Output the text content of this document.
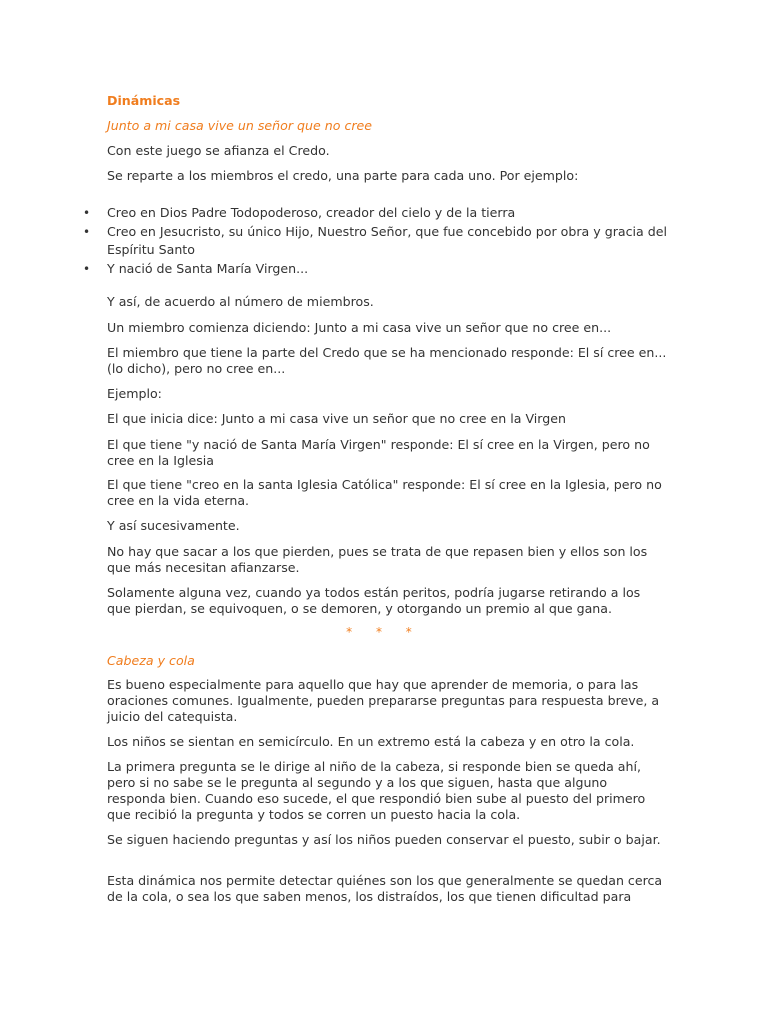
Dinámicas

Junto a mi casa vive un señor que no cree

Con este juego se afianza el Credo.

Se reparte a los miembros el credo, una parte para cada uno. Por ejemplo:

• Creo en Dios Padre Todopoderoso, creador del cielo y de la tierra
• Creo en Jesucristo, su único Hijo, Nuestro Señor, que fue concebido por obra y gracia del Espíritu Santo
• Y nació de Santa María Virgen...

Y así, de acuerdo al número de miembros.

Un miembro comienza diciendo: Junto a mi casa vive un señor que no cree en...

El miembro que tiene la parte del Credo que se ha mencionado responde: El sí cree en... (lo dicho), pero no cree en...

Ejemplo:

El que inicia dice: Junto a mi casa vive un señor que no cree en la Virgen

El que tiene "y nació de Santa María Virgen" responde: El sí cree en la Virgen, pero no cree en la Iglesia

El que tiene "creo en la santa Iglesia Católica" responde: El sí cree en la Iglesia, pero no cree en la vida eterna.

Y así sucesivamente.

No hay que sacar a los que pierden, pues se trata de que repasen bien y ellos son los que más necesitan afianzarse.

Solamente alguna vez, cuando ya todos están peritos, podría jugarse retirando a los que pierdan, se equivoquen, o se demoren, y otorgando un premio al que gana.

* * *

Cabeza y cola

Es bueno especialmente para aquello que hay que aprender de memoria, o para las oraciones comunes. Igualmente, pueden prepararse preguntas para respuesta breve, a juicio del catequista.

Los niños se sientan en semicírculo. En un extremo está la cabeza y en otro la cola.

La primera pregunta se le dirige al niño de la cabeza, si responde bien se queda ahí, pero si no sabe se le pregunta al segundo y a los que siguen, hasta que alguno responda bien. Cuando eso sucede, el que respondió bien sube al puesto del primero que recibió la pregunta y todos se corren un puesto hacia la cola.

Se siguen haciendo preguntas y así los niños pueden conservar el puesto, subir o bajar.

Esta dinámica nos permite detectar quiénes son los que generalmente se quedan cerca de la cola, o sea los que saben menos, los distraídos, los que tienen dificultad para
